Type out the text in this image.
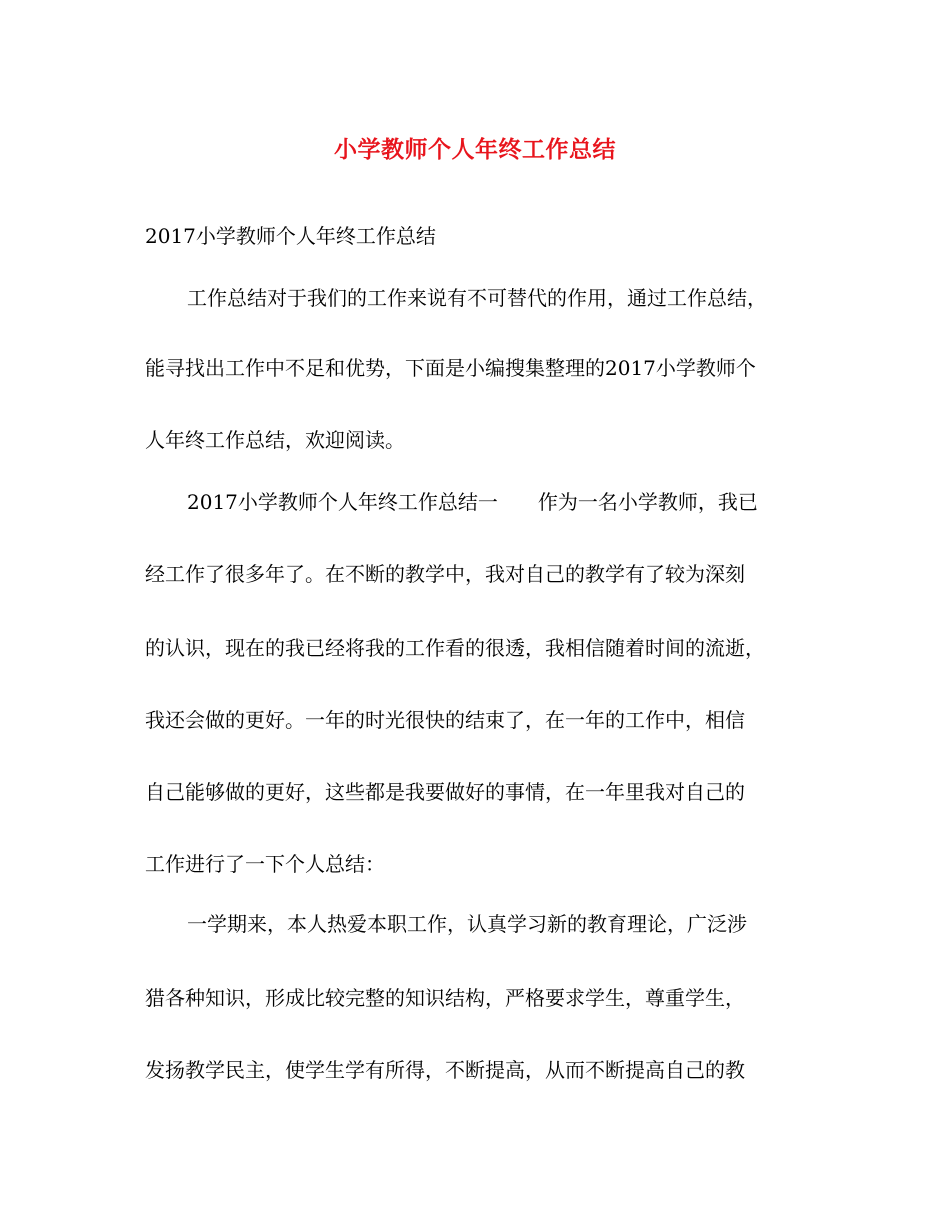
小学教师个人年终工作总结
2017小学教师个人年终工作总结
工作总结对于我们的工作来说有不可替代的作用，通过工作总结，
能寻找出工作中不足和优势，下面是小编搜集整理的2017小学教师个
人年终工作总结，欢迎阅读。
2017小学教师个人年终工作总结一　　作为一名小学教师，我已
经工作了很多年了。在不断的教学中，我对自己的教学有了较为深刻
的认识，现在的我已经将我的工作看的很透，我相信随着时间的流逝，
我还会做的更好。一年的时光很快的结束了，在一年的工作中，相信
自己能够做的更好，这些都是我要做好的事情，在一年里我对自己的
工作进行了一下个人总结：
一学期来，本人热爱本职工作，认真学习新的教育理论，广泛涉
猎各种知识，形成比较完整的知识结构，严格要求学生，尊重学生，
发扬教学民主，使学生学有所得，不断提高，从而不断提高自己的教
